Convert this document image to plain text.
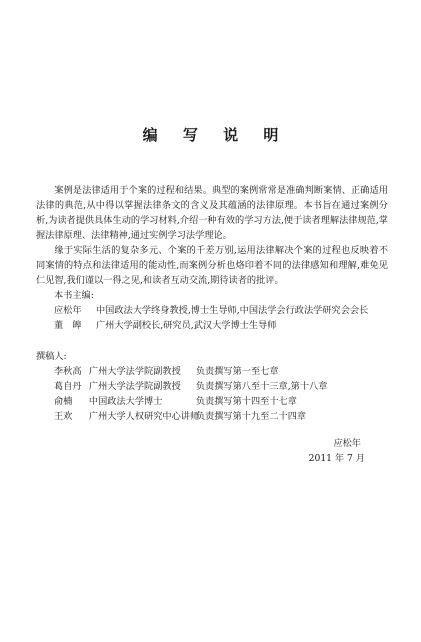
编 写 说 明

案例是法律适用于个案的过程和结果。典型的案例常常是准确判断案情、正确适用法律的典范,从中得以掌握法律条文的含义及其蕴涵的法律原理。本书旨在通过案例分析,为读者提供具体生动的学习材料,介绍一种有效的学习方法,便于读者理解法律规范,掌握法律原理、法律精神,通过实例学习法学理论。

缘于实际生活的复杂多元、个案的千差万别,运用法律解决个案的过程也反映着不同案情的特点和法律适用的能动性,而案例分析也烙印着不同的法律感知和理解,难免见仁见智,我们谨以一得之见,和读者互动交流,期待读者的批评。

本书主编:
应松年 中国政法大学终身教授,博士生导师,中国法学会行政法学研究会会长
董　皞 广州大学副校长,研究员,武汉大学博士生导师
撰稿人:
李秋高 广州大学法学院副教授 负责撰写第一至七章
葛自丹 广州大学法学院副教授 负责撰写第八至十三章,第十八章
俞楠 中国政法大学博士	负责撰写第十四至十七章
王欢 广州大学人权研究中心讲师 负责撰写第十九至二十四章
应松年
2011 年 7 月
